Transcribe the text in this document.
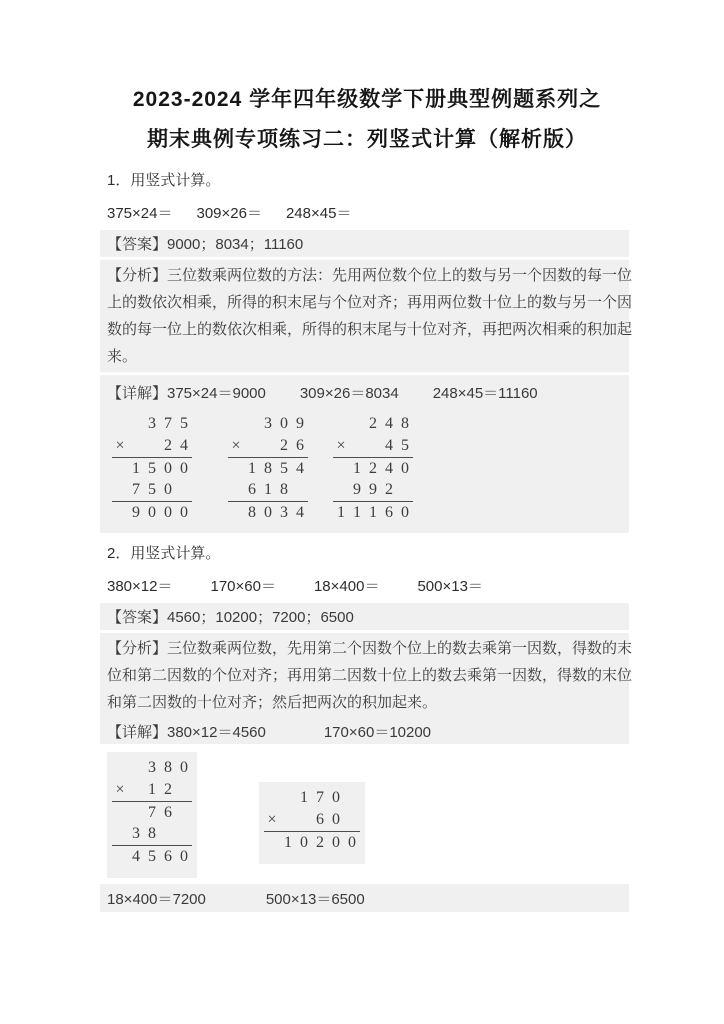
2023-2024 学年四年级数学下册典型例题系列之
期末典例专项练习二：列竖式计算（解析版）
1．用竖式计算。
375×24＝ 309×26＝ 248×45＝
【答案】9000；8034；11160
【分析】三位数乘两位数的方法：先用两位数个位上的数与另一个因数的每一位
上的数依次相乘，所得的积末尾与个位对齐；再用两位数十位上的数与另一个因
数的每一位上的数依次相乘，所得的积末尾与十位对齐，再把两次相乘的积加起
来。
【详解】375×24＝9000 309×26＝8034 248×45＝11160
3 7 5
× 2 4
1 5 0 0
7 5 0
9 0 0 0
3 0 9
× 2 6
1 8 5 4
6 1 8
8 0 3 4
2 4 8
× 4 5
1 2 4 0
9 9 2
1 1 1 6 0
2．用竖式计算。
380×12＝	170×60＝	18×400＝	500×13＝
【答案】4560；10200；7200；6500
【分析】三位数乘两位数，先用第二个因数个位上的数去乘第一因数，得数的末
位和第二因数的个位对齐；再用第二因数十位上的数去乘第一因数，得数的末位
和第二因数的十位对齐；然后把两次的积加起来。
【详解】380×12＝4560	170×60＝10200
3 8 0
× 1 2
7 6
3 8
4 5 6 0
1 7 0
× 6 0
1 0 2 0 0
18×400＝7200	500×13＝6500
